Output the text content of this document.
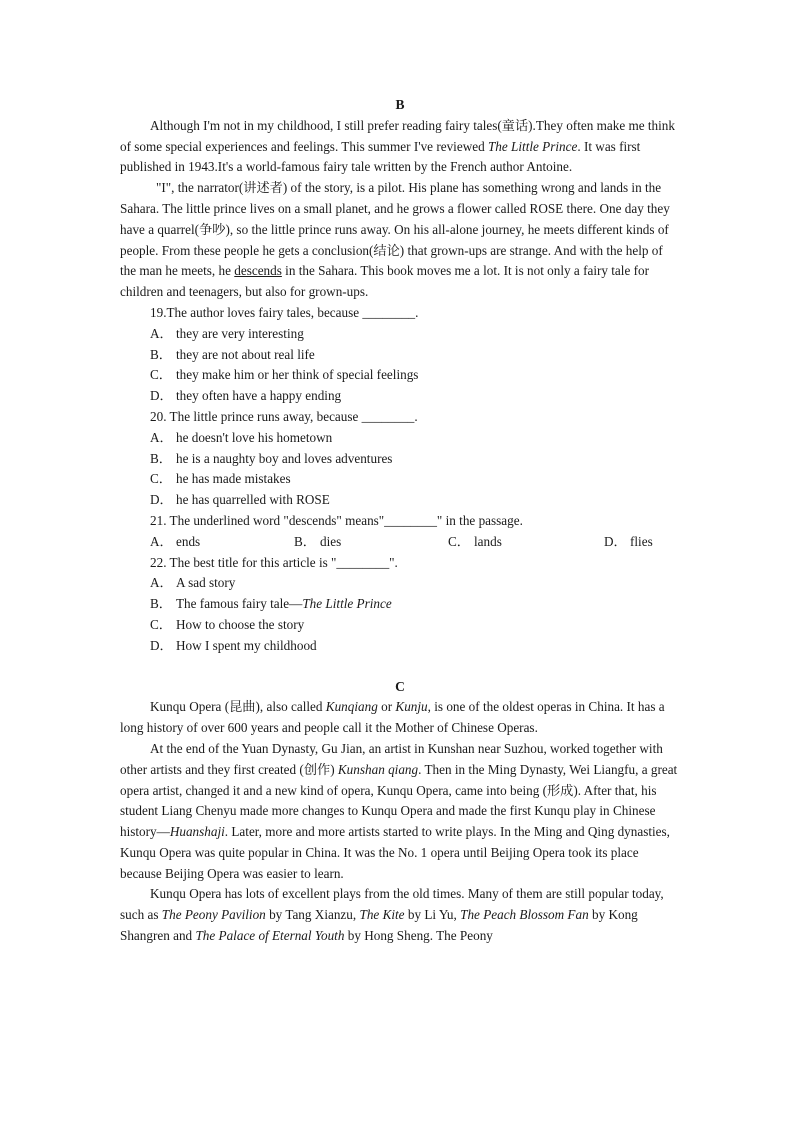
B

Although I'm not in my childhood, I still prefer reading fairy tales(童话).They often make me think of some special experiences and feelings. This summer I've reviewed The Little Prince. It was first published in 1943.It's a world-famous fairy tale written by the French author Antoine.

"I", the narrator(讲述者) of the story, is a pilot. His plane has something wrong and lands in the Sahara. The little prince lives on a small planet, and he grows a flower called ROSE there. One day they have a quarrel(争吵), so the little prince runs away. On his all-alone journey, he meets different kinds of people. From these people he gets a conclusion(结论) that grown-ups are strange. And with the help of the man he meets, he descends in the Sahara. This book moves me a lot. It is not only a fairy tale for children and teenagers, but also for grown-ups.

19.The author loves fairy tales, because ________.

A． they are very interesting

B． they are not about real life

C． they make him or her think of special feelings

D． they often have a happy ending

20. The little prince runs away, because ________.

A． he doesn't love his hometown

B． he is a naughty boy and loves adventures

C． he has made mistakes

D． he has quarrelled with ROSE

21. The underlined word "descends" means"________" in the passage.

A． ends	B． dies	C． lands	D． flies

22. The best title for this article is "________".

A． A sad story

B． The famous fairy tale—The Little Prince

C． How to choose the story

D． How I spent my childhood

C

Kunqu Opera (昆曲), also called Kunqiang or Kunju, is one of the oldest operas in China. It has a long history of over 600 years and people call it the Mother of Chinese Operas.

At the end of the Yuan Dynasty, Gu Jian, an artist in Kunshan near Suzhou, worked together with other artists and they first created (创作) Kunshan qiang. Then in the Ming Dynasty, Wei Liangfu, a great opera artist, changed it and a new kind of opera, Kunqu Opera, came into being (形成). After that, his student Liang Chenyu made more changes to Kunqu Opera and made the first Kunqu play in Chinese history—Huanshaji. Later, more and more artists started to write plays. In the Ming and Qing dynasties, Kunqu Opera was quite popular in China. It was the No. 1 opera until Beijing Opera took its place because Beijing Opera was easier to learn.

Kunqu Opera has lots of excellent plays from the old times. Many of them are still popular today, such as The Peony Pavilion by Tang Xianzu, The Kite by Li Yu, The Peach Blossom Fan by Kong Shangren and The Palace of Eternal Youth by Hong Sheng. The Peony
